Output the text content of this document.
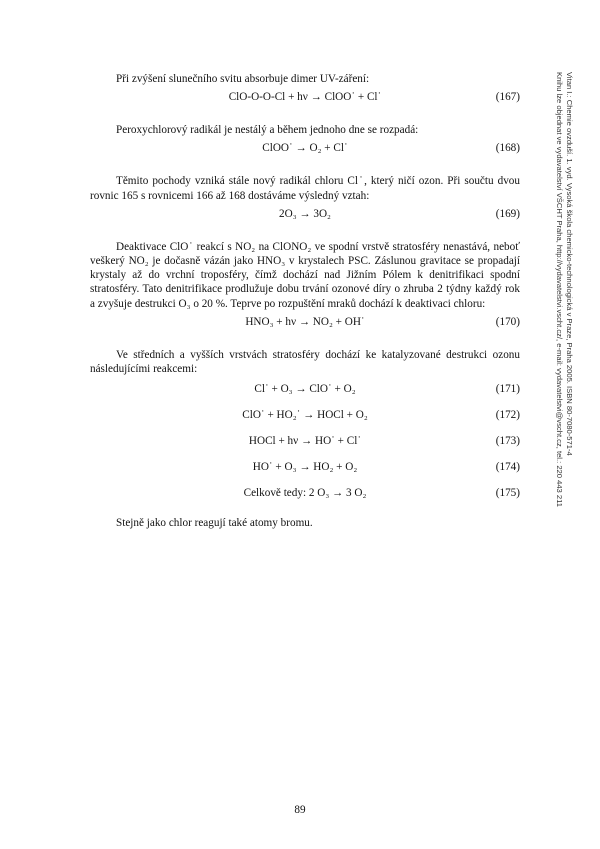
Při zvýšení slunečního svitu absorbuje dimer UV-záření:

ClO-O-O-Cl + hν → ClOO˙ + Cl˙	(167)

Peroxychlorový radikál je nestálý a během jednoho dne se rozpadá:

ClOO˙ → O₂ + Cl˙	(168)

Těmito pochody vzniká stále nový radikál chloru Cl˙, který ničí ozon. Při součtu dvou rovnic 165 s rovnicemi 166 až 168 dostáváme výsledný vztah:

2O₃ → 3O₂	(169)

Deaktivace ClO˙ reakcí s NO₂ na ClONO₂ ve spodní vrstvě stratosféry nenastává, neboť veškerý NO₂ je dočasně vázán jako HNO₃ v krystalech PSC. Záslunou gravitace se propadají krystaly až do vrchní troposféry, čímž dochází nad Jižním Pólem k denitrifikaci spodní stratosféry. Tato denitrifikace prodlužuje dobu trvání ozonové díry o zhruba 2 týdny každý rok a zvyšuje destrukci O₃ o 20 %. Teprve po rozpuštění mraků dochází k deaktivaci chloru:

HNO₃ + hν → NO₂ + OH˙	(170)

Ve středních a vyšších vrstvách stratosféry dochází ke katalyzované destrukci ozonu následujícími reakcemi:

Cl˙ + O₃ → ClO˙ + O₂	(171)
ClO˙ + HO₂˙ → HOCl + O₂	(172)
HOCl + hν → HO˙ + Cl˙	(173)
HO˙ + O₃ → HO₂ + O₂	(174)
Celkově tedy: 2 O₃ → 3 O₂	(175)

Stejně jako chlor reagují také atomy bromu.

Vitan I.: Chemie ovzduší. 1. vyd. Vysoká škola chemicko-technologická v Praze, Praha 2005. ISBN 80-7080-571-4
Knihu lze objednat ve vydavatelství VŠCHT Praha, http://vydavatelstvi.vscht.cz/, e-mail: vydavatelstvi@vscht.cz, tel.: 220 443 211
89
